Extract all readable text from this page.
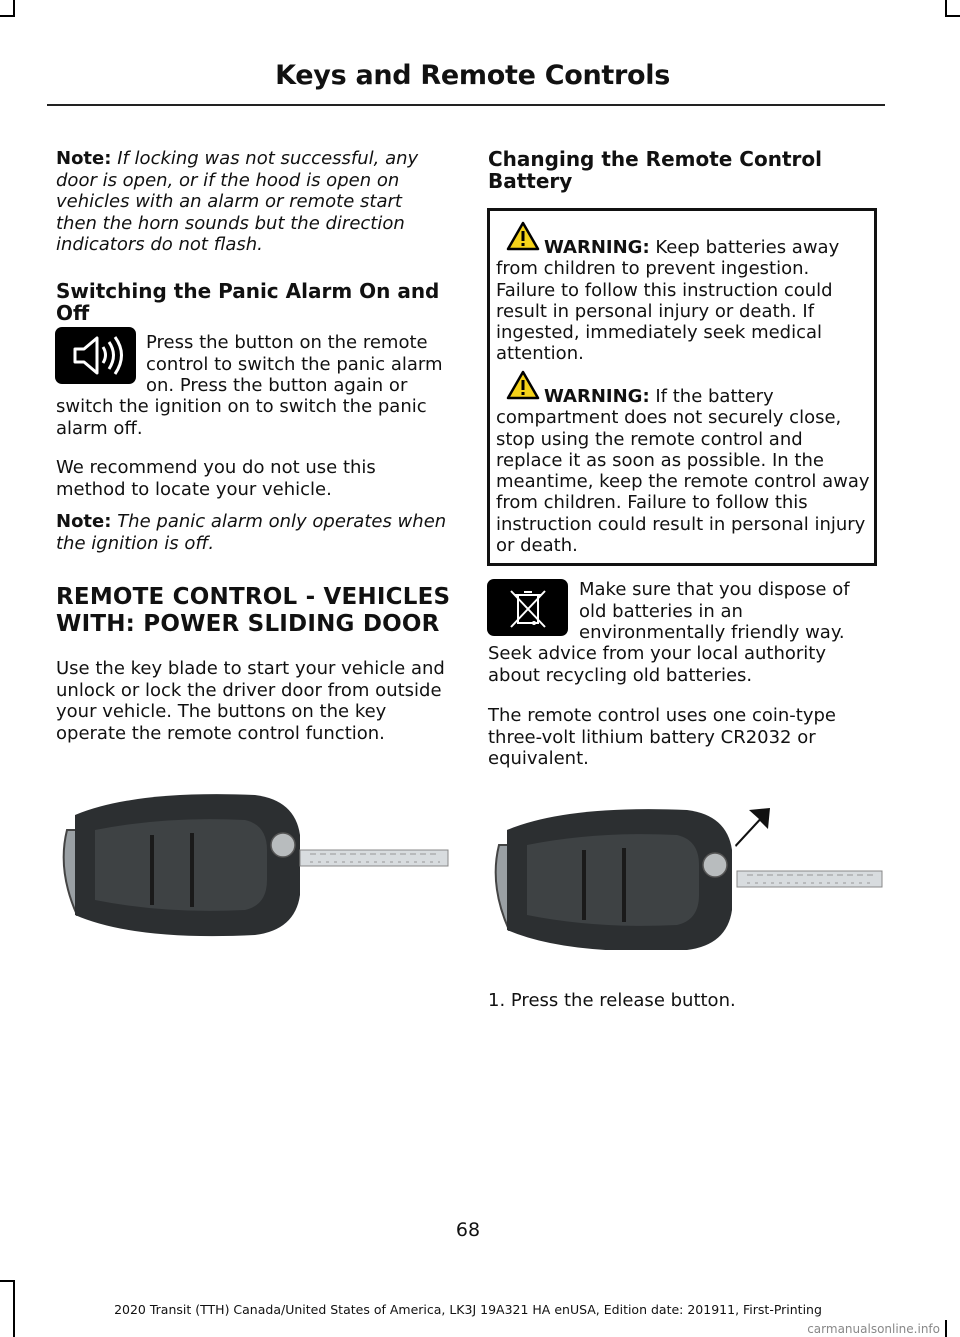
Keys and Remote Controls

Note: If locking was not successful, any door is open, or if the hood is open on vehicles with an alarm or remote start then the horn sounds but the direction indicators do not flash.

Switching the Panic Alarm On and Off

Press the button on the remote control to switch the panic alarm on. Press the button again or

switch the ignition on to switch the panic alarm off.

We recommend you do not use this method to locate your vehicle.

Note: The panic alarm only operates when the ignition is off.

REMOTE CONTROL - VEHICLES
WITH: POWER SLIDING DOOR

Use the key blade to start your vehicle and unlock or lock the driver door from outside your vehicle. The buttons on the key operate the remote control function.

Changing the Remote Control Battery

WARNING: Keep batteries away from children to prevent ingestion. Failure to follow this instruction could result in personal injury or death. If ingested, immediately seek medical attention.

WARNING: If the battery compartment does not securely close, stop using the remote control and replace it as soon as possible. In the meantime, keep the remote control away from children. Failure to follow this instruction could result in personal injury or death.

Make sure that you dispose of old batteries in an environmentally friendly way.

Seek advice from your local authority about recycling old batteries.

The remote control uses one coin-type three-volt lithium battery CR2032 or equivalent.

1. Press the release button.

68
2020 Transit (TTH) Canada/United States of America, LK3J 19A321 HA enUSA, Edition date: 201911, First-Printing
carmanualsonline.info
